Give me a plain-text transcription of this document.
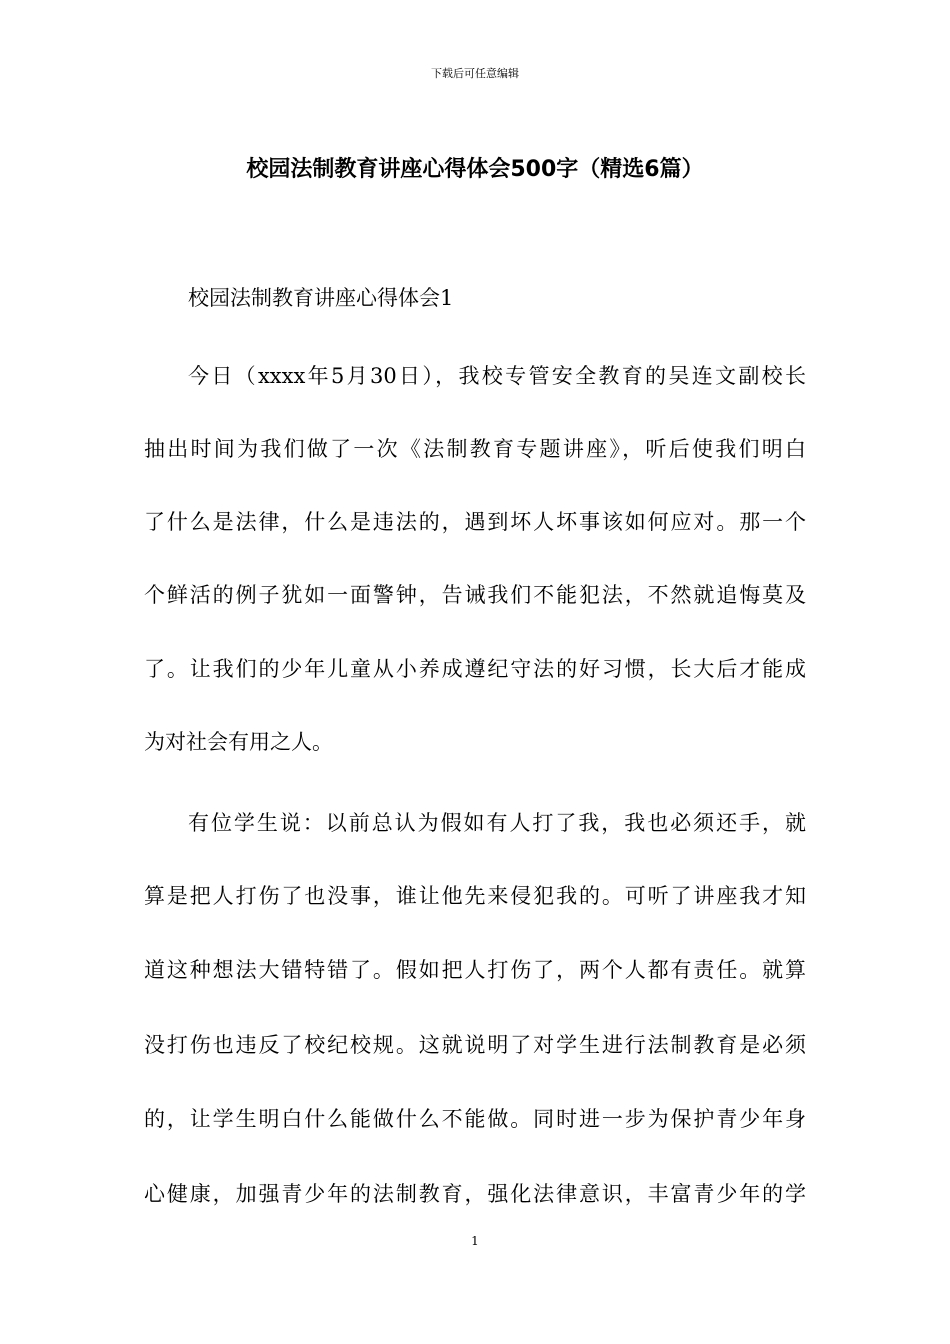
下载后可任意编辑
校园法制教育讲座心得体会500字（精选6篇）
校园法制教育讲座心得体会1
今日（xxxx年5月30日），我校专管安全教育的吴连文副校长
抽出时间为我们做了一次《法制教育专题讲座》，听后使我们明白
了什么是法律，什么是违法的，遇到坏人坏事该如何应对。那一个
个鲜活的例子犹如一面警钟，告诫我们不能犯法，不然就追悔莫及
了。让我们的少年儿童从小养成遵纪守法的好习惯，长大后才能成
为对社会有用之人。
有位学生说：以前总认为假如有人打了我，我也必须还手，就
算是把人打伤了也没事，谁让他先来侵犯我的。可听了讲座我才知
道这种想法大错特错了。假如把人打伤了，两个人都有责任。就算
没打伤也违反了校纪校规。这就说明了对学生进行法制教育是必须
的，让学生明白什么能做什么不能做。同时进一步为保护青少年身
心健康，加强青少年的法制教育，强化法律意识，丰富青少年的学
1
